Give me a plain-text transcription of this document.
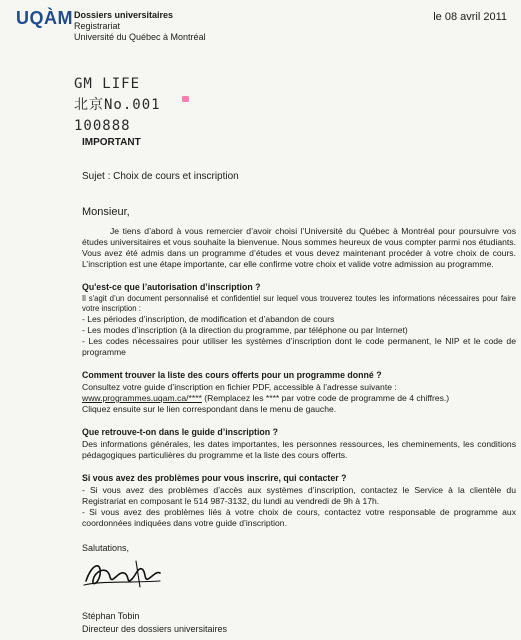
UQÀM Dossiers universitaires
Registrariat
Université du Québec à Montréal
le 08 avril 2011
GM LIFE
北京No.001
100888
IMPORTANT
Sujet : Choix de cours et inscription
Monsieur,

Je tiens d’abord à vous remercier d’avoir choisi l’Université du Québec à Montréal pour poursuivre vos études universitaires et vous souhaite la bienvenue. Nous sommes heureux de vous compter parmi nos étudiants. Vous avez été admis dans un programme d’études et vous devez maintenant procéder à votre choix de cours. L’inscription est une étape importante, car elle confirme votre choix et valide votre admission au programme.

Qu'est-ce que l’autorisation d’inscription ?
Il s'agit d’un document personnalisé et confidentiel sur lequel vous trouverez toutes les informations nécessaires pour faire votre inscription :
- Les périodes d’inscription, de modification et d’abandon de cours
- Les modes d’inscription (à la direction du programme, par téléphone ou par Internet)
- Les codes nécessaires pour utiliser les systèmes d’inscription dont le code permanent, le NIP et le code de programme
Comment trouver la liste des cours offerts pour un programme donné ?
Consultez votre guide d’inscription en fichier PDF, accessible à l’adresse suivante :
www.programmes.uqam.ca/**** (Remplacez les **** par votre code de programme de 4 chiffres.)
Cliquez ensuite sur le lien correspondant dans le menu de gauche.
Que retrouve-t-on dans le guide d’inscription ?
Des informations générales, les dates importantes, les personnes ressources, les cheminements, les conditions pédagogiques particulières du programme et la liste des cours offerts.
Si vous avez des problèmes pour vous inscrire, qui contacter ?
- Si vous avez des problèmes d’accès aux systèmes d’inscription, contactez le Service à la clientèle du Registrariat en composant le 514 987-3132, du lundi au vendredi de 9h à 17h.
- Si vous avez des problèmes liés à votre choix de cours, contactez votre responsable de programme aux coordonnées indiquées dans votre guide d’inscription.
Salutations,
Stéphan Tobin
Directeur des dossiers universitaires
